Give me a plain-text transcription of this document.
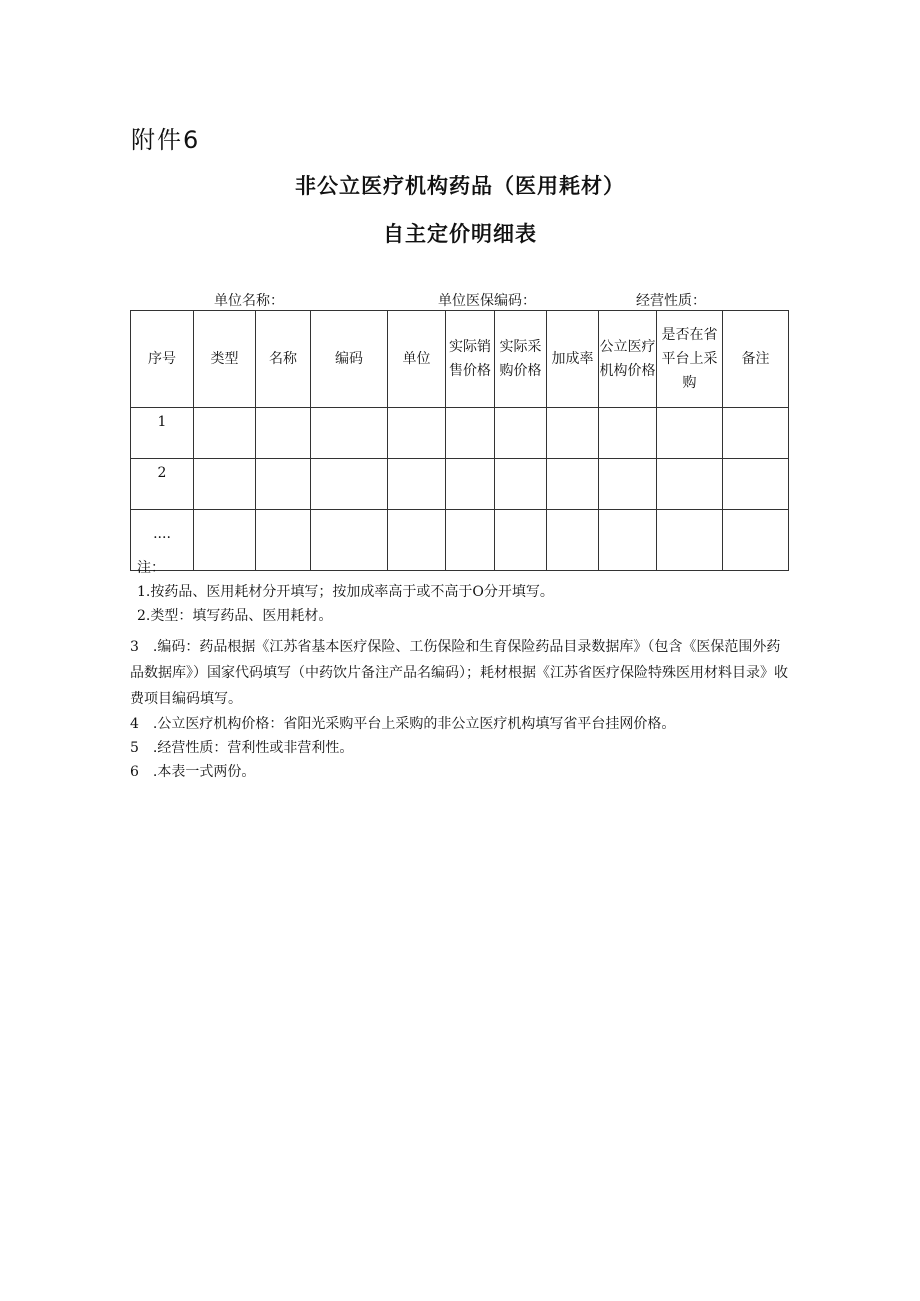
附件6
非公立医疗机构药品（医用耗材）
自主定价明细表
单位名称：	单位医保编码：	经营性质：
序号	类型	名称	编码	单位	实际销售价格	实际采购价格	加成率	公立医疗机构价格	是否在省平台上采购	备注
1										
2										
....										

注：

1.按药品、医用耗材分开填写；按加成率高于或不高于O分开填写。

2.类型：填写药品、医用耗材。

3　.编码：药品根据《江苏省基本医疗保险、工伤保险和生育保险药品目录数据库》（包含《医保范围外药品数据库》）国家代码填写（中药饮片备注产品名编码）；耗材根据《江苏省医疗保险特殊医用材料目录》收费项目编码填写。

4　.公立医疗机构价格：省阳光采购平台上采购的非公立医疗机构填写省平台挂网价格。

5　.经营性质：营利性或非营利性。

6　.本表一式两份。
